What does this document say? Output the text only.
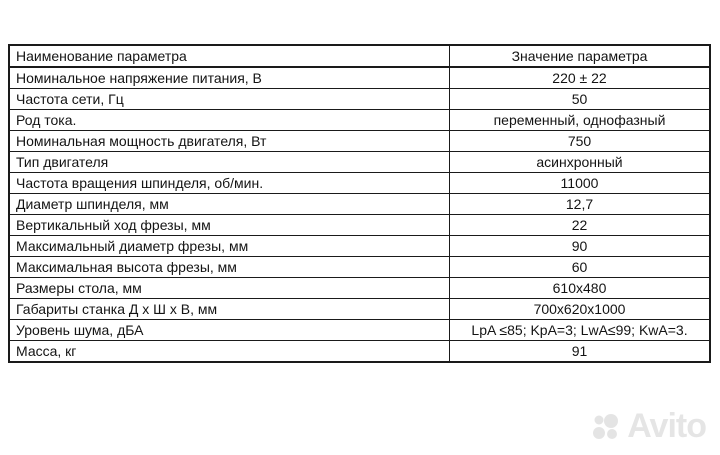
Наименование параметра	Значение параметра
Номинальное напряжение питания, В	220 ± 22
Частота сети, Гц	50
Род тока.	переменный, однофазный
Номинальная мощность двигателя, Вт	750
Тип двигателя	асинхронный
Частота вращения шпинделя, об/мин.	11000
Диаметр шпинделя, мм	12,7
Вертикальный ход фрезы, мм	22
Максимальный диаметр фрезы, мм	90
Максимальная высота фрезы, мм	60
Размеры стола, мм	610x480
Габариты станка Д х Ш х В, мм	700x620x1000
Уровень шума, дБА	LpA ≤85; KpA=3; LwA≤99; KwA=3.
Масса, кг	91
Avito
